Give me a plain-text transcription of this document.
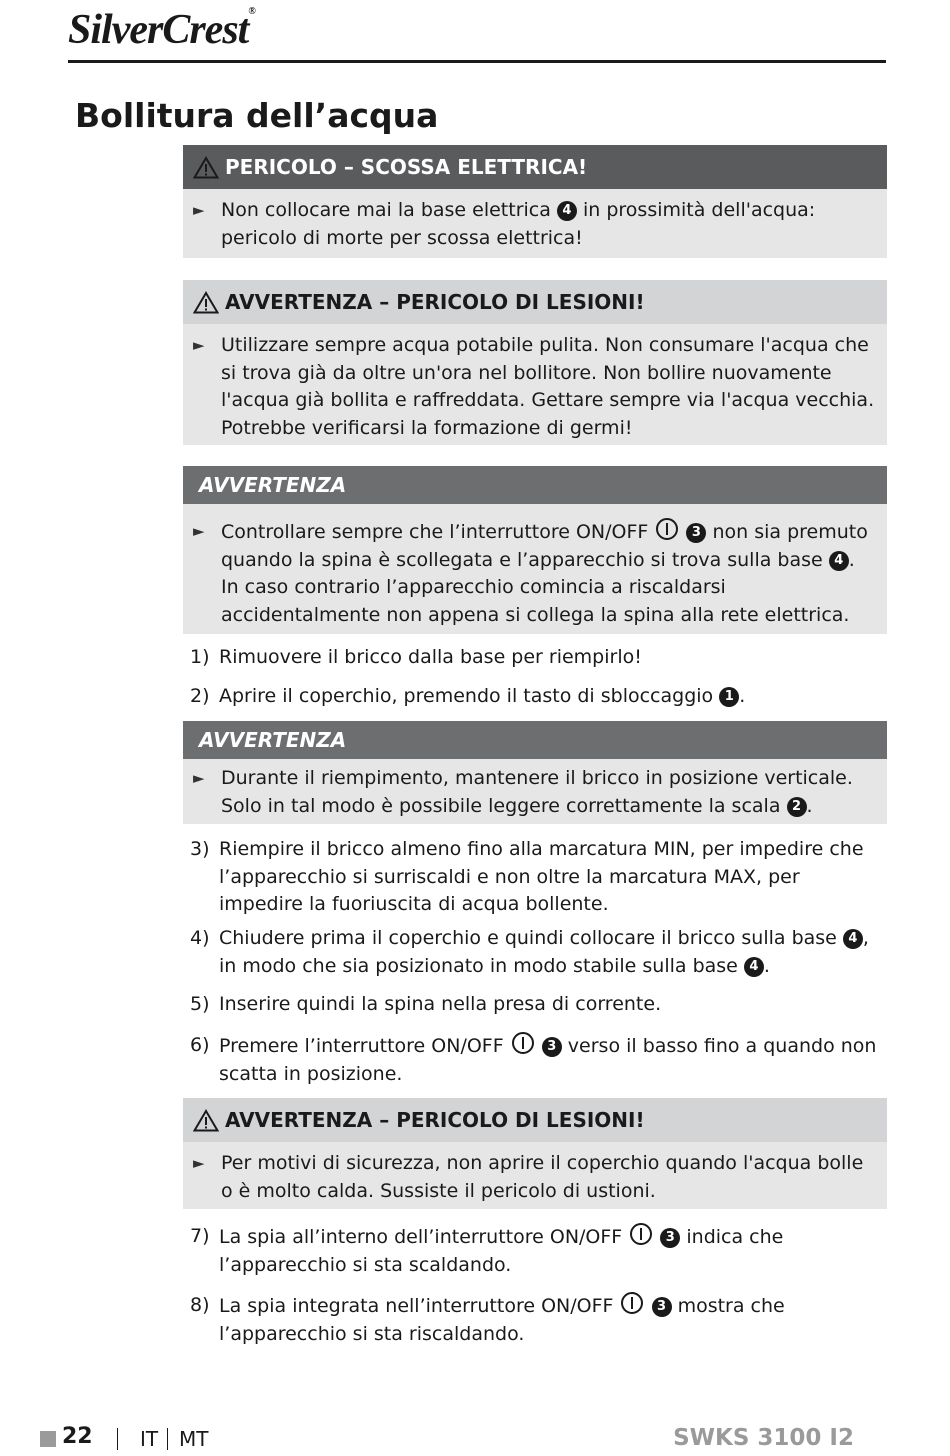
SilverCrest®
Bollitura dell’acqua
PERICOLO – SCOSSA ELETTRICA!
► Non collocare mai la base elettrica 4 in prossimità dell'acqua: pericolo di morte per scossa elettrica!
AVVERTENZA – PERICOLO DI LESIONI!
► Utilizzare sempre acqua potabile pulita. Non consumare l'acqua che si trova già da oltre un'ora nel bollitore. Non bollire nuovamente l'acqua già bollita e raffreddata. Gettare sempre via l'acqua vecchia. Potrebbe verificarsi la formazione di germi!
AVVERTENZA
► Controllare sempre che l’interruttore ON/OFF	3 non sia premuto quando la spina è scollegata e l’apparecchio si trova sulla base 4 .
In caso contrario l’apparecchio comincia a riscaldarsi accidentalmente non appena si collega la spina alla rete elettrica.
1) Rimuovere il bricco dalla base per riempirlo!
2) Aprire il coperchio, premendo il tasto di sbloccaggio 1 .
AVVERTENZA
► Durante il riempimento, mantenere il bricco in posizione verticale. Solo in tal modo è possibile leggere correttamente la scala 2 .
3) Riempire il bricco almeno fino alla marcatura MIN, per impedire che l’apparecchio si surriscaldi e non oltre la marcatura MAX, per impedire la fuoriuscita di acqua bollente.
4) Chiudere prima il coperchio e quindi collocare il bricco sulla base 4 , in modo che sia posizionato in modo stabile sulla base 4 .
5) Inserire quindi la spina nella presa di corrente.
6) Premere l’interruttore ON/OFF	3 verso il basso fino a quando non scatta in posizione.
AVVERTENZA – PERICOLO DI LESIONI!
► Per motivi di sicurezza, non aprire il coperchio quando l'acqua bolle o è molto calda. Sussiste il pericolo di ustioni.
7) La spia all’interno dell’interruttore ON/OFF	3 indica che l’apparecchio si sta scaldando.
8) La spia integrata nell’interruttore ON/OFF	3 mostra che l’apparecchio si sta riscaldando.
22 IT MT	SWKS 3100 I2
